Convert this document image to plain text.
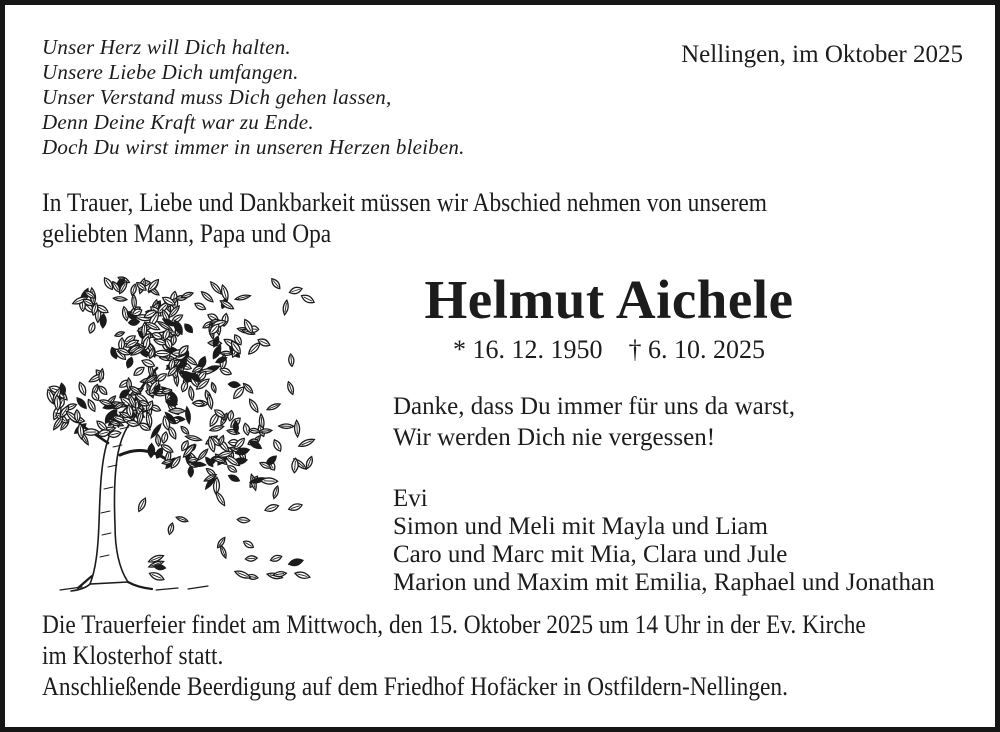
Unser Herz will Dich halten.
Unsere Liebe Dich umfangen.
Unser Verstand muss Dich gehen lassen,
Denn Deine Kraft war zu Ende.
Doch Du wirst immer in unseren Herzen bleiben.
Nellingen, im Oktober 2025
In Trauer, Liebe und Dankbarkeit müssen wir Abschied nehmen von unserem
geliebten Mann, Papa und Opa
Helmut Aichele
* 16. 12. 1950 † 6. 10. 2025
Danke, dass Du immer für uns da warst,
Wir werden Dich nie vergessen!
Evi
Simon und Meli mit Mayla und Liam
Caro und Marc mit Mia, Clara und Jule
Marion und Maxim mit Emilia, Raphael und Jonathan
Die Trauerfeier findet am Mittwoch, den 15. Oktober 2025 um 14 Uhr in der Ev. Kirche
im Klosterhof statt.
Anschließende Beerdigung auf dem Friedhof Hofäcker in Ostfildern-Nellingen.
